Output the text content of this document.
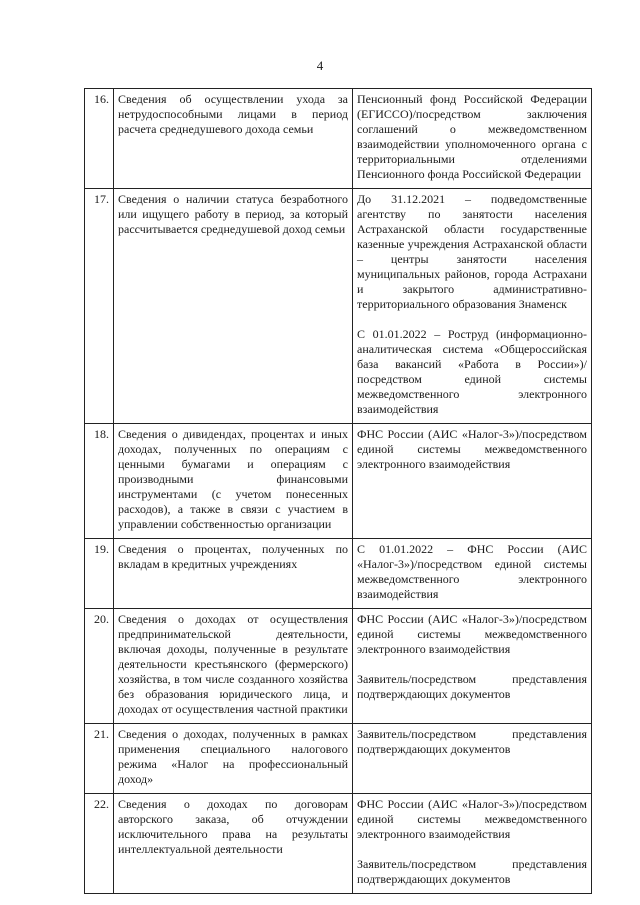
4
16.	Сведения об осуществлении ухода за нетрудоспособными лицами в период расчета среднедушевого дохода семьи	Пенсионный фонд Российской Федерации (ЕГИССО)/посредством заключения соглашений о межведомственном взаимодействии уполномоченного органа с территориальными отделениями Пенсионного фонда Российской Федерации

17.	Сведения о наличии статуса безработного или ищущего работу в период, за который рассчитывается среднедушевой доход семьи	До 31.12.2021 – подведомственные агентству по занятости населения Астраханской области государственные казенные учреждения Астраханской области – центры занятости населения муниципальных районов, города Астрахани и закрытого административно-территориального образования Знаменск
С 01.01.2022 – Роструд (информационно-аналитическая система «Общероссийская база вакансий «Работа в России»)/посредством единой системы межведомственного электронного взаимодействия

18.	Сведения о дивидендах, процентах и иных доходах, полученных по операциям с ценными бумагами и операциям с производными финансовыми инструментами (с учетом понесенных расходов), а также в связи с участием в управлении собственностью организации	ФНС России (АИС «Налог-3»)/посредством единой системы межведомственного электронного взаимодействия

19.	Сведения о процентах, полученных по вкладам в кредитных учреждениях	С 01.01.2022 – ФНС России (АИС «Налог-3»)/посредством единой системы межведомственного электронного взаимодействия

20.	Сведения о доходах от осуществления предпринимательской деятельности, включая доходы, полученные в результате деятельности крестьянского (фермерского) хозяйства, в том числе созданного хозяйства без образования юридического лица, и доходах от осуществления частной практики	ФНС России (АИС «Налог-3»)/посредством единой системы межведомственного электронного взаимодействия
Заявитель/посредством представления подтверждающих документов

21.	Сведения о доходах, полученных в рамках применения специального налогового режима «Налог на профессиональный доход»	Заявитель/посредством представления подтверждающих документов

22.	Сведения о доходах по договорам авторского заказа, об отчуждении исключительного права на результаты интеллектуальной деятельности	ФНС России (АИС «Налог-3»)/посредством единой системы межведомственного электронного взаимодействия
Заявитель/посредством представления подтверждающих документов
